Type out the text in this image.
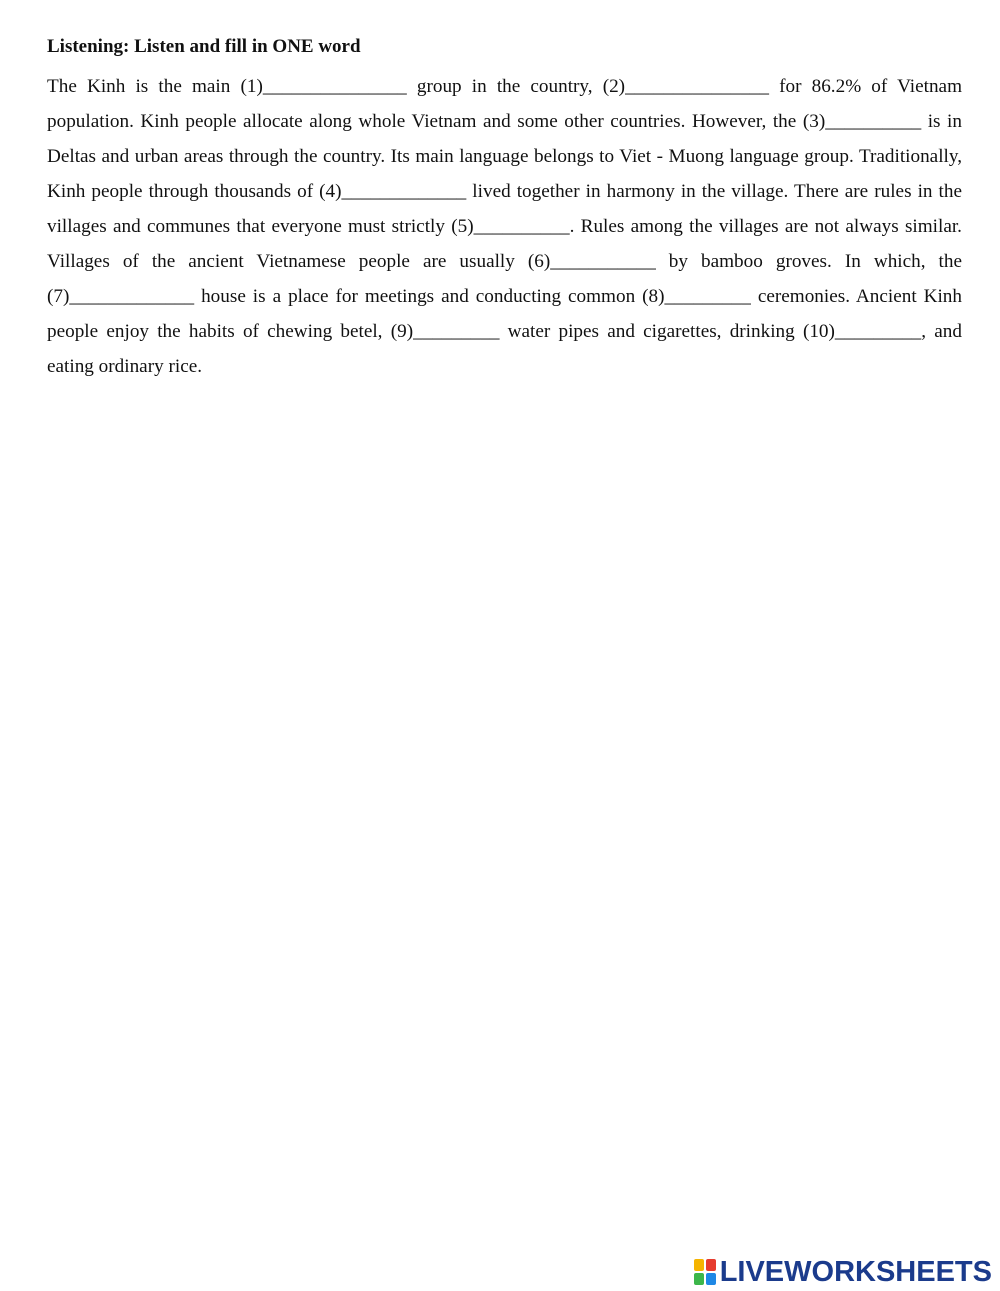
Listening: Listen and fill in ONE word

The Kinh is the main (1)_______________ group in the country, (2)_______________ for 86.2% of Vietnam population. Kinh people allocate along whole Vietnam and some other countries. However, the (3)__________ is in Deltas and urban areas through the country. Its main language belongs to Viet - Muong language group. Traditionally, Kinh people through thousands of (4)_____________ lived together in harmony in the village. There are rules in the villages and communes that everyone must strictly (5)__________. Rules among the villages are not always similar. Villages of the ancient Vietnamese people are usually (6)___________ by bamboo groves. In which, the (7)_____________ house is a place for meetings and conducting common (8)_________ ceremonies. Ancient Kinh people enjoy the habits of chewing betel, (9)_________ water pipes and cigarettes, drinking (10)_________, and eating ordinary rice.

LIVEWORKSHEETS
